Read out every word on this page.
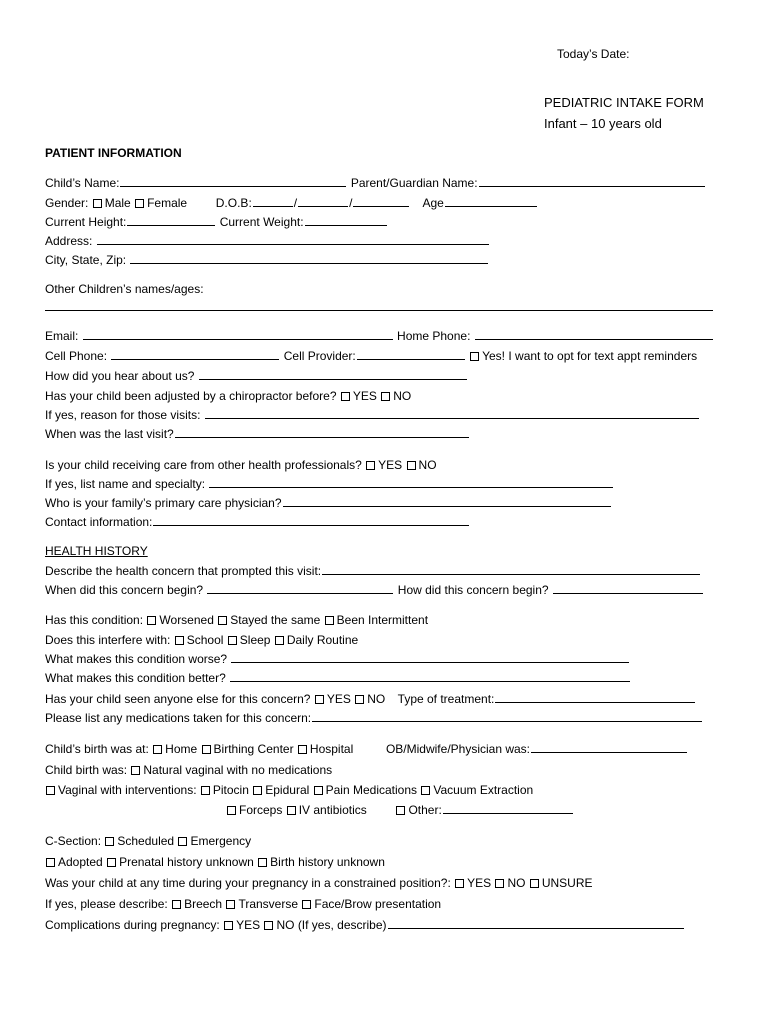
Today’s Date:
PEDIATRIC INTAKE FORM
Infant – 10 years old
PATIENT INFORMATION
Child’s Name:	Parent/Guardian Name:
Gender: Male Female D.O.B:	/	/	Age
Current Height:	Current Weight:
Address:
City, State, Zip:
Other Children’s names/ages:
Email:	Home Phone:
Cell Phone:	Cell Provider:	Yes! I want to opt for text appt reminders
How did you hear about us?
Has your child been adjusted by a chiropractor before? YES NO
If yes, reason for those visits:
When was the last visit?
Is your child receiving care from other health professionals? YES NO
If yes, list name and specialty:
Who is your family’s primary care physician?
Contact information:
HEALTH HISTORY
Describe the health concern that prompted this visit:
When did this concern begin?	How did this concern begin?
Has this condition: Worsened Stayed the same Been Intermittent
Does this interfere with: School Sleep Daily Routine
What makes this condition worse?
What makes this condition better?
Has your child seen anyone else for this concern? YES NO Type of treatment:
Please list any medications taken for this concern:
Child’s birth was at: Home Birthing Center Hospital	OB/Midwife/Physician was:
Child birth was: Natural vaginal with no medications
Vaginal with interventions: Pitocin Epidural Pain Medications Vacuum Extraction
Forceps IV antibiotics	Other:
C-Section: Scheduled Emergency
Adopted Prenatal history unknown Birth history unknown
Was your child at any time during your pregnancy in a constrained position?: YES NO UNSURE
If yes, please describe: Breech Transverse Face/Brow presentation
Complications during pregnancy: YES NO (If yes, describe)
